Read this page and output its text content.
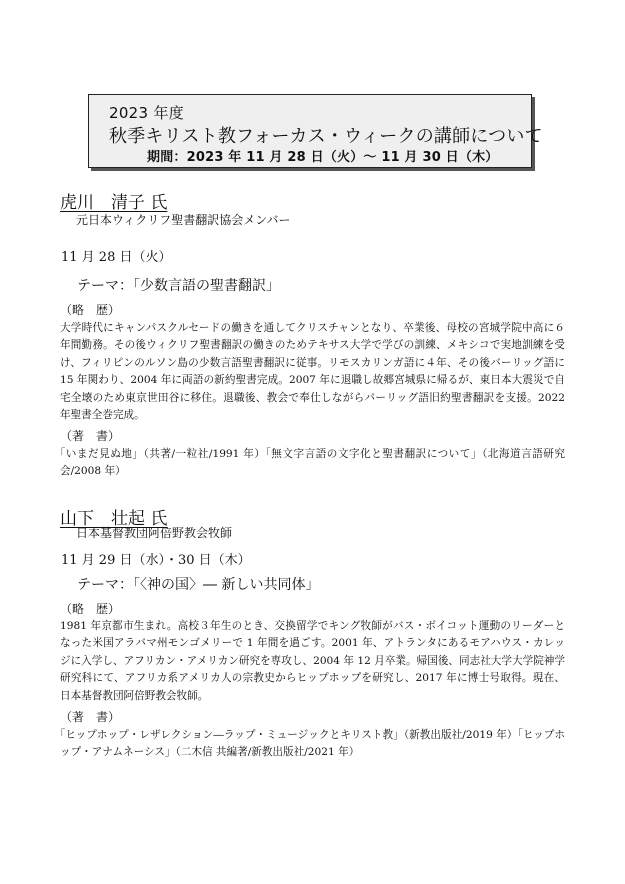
2023 年度
秋季キリスト教フォーカス・ウィークの講師について
期間：2023 年 11 月 28 日（火）～ 11 月 30 日（木）
虎川　清子 氏
元日本ウィクリフ聖書翻訳協会メンバー
11 月 28 日（火）
テーマ：｢少数言語の聖書翻訳｣
（略　歴）

大学時代にキャンパスクルセードの働きを通してクリスチャンとなり、卒業後、母校の宮城学院中高に６年間勤務。その後ウィクリフ聖書翻訳の働きのためテキサス大学で学びの訓練、メキシコで実地訓練を受け、フィリピンのルソン島の少数言語聖書翻訳に従事。リモスカリンガ語に４年、その後バーリッグ語に 15 年関わり、2004 年に両語の新約聖書完成。2007 年に退職し故郷宮城県に帰るが、東日本大震災で自宅全壊のため東京世田谷に移住。退職後、教会で奉仕しながらバーリッグ語旧約聖書翻訳を支援。2022 年聖書全巻完成。

（著　書）

｢いまだ見ぬ地｣（共著/一粒社/1991 年）｢無文字言語の文字化と聖書翻訳について｣（北海道言語研究会/2008 年）

山下　壮起 氏
日本基督教団阿倍野教会牧師
11 月 29 日（水）・30 日（木）
テーマ：｢〈神の国〉― 新しい共同体｣
（略　歴）

1981 年京都市生まれ。高校３年生のとき、交換留学でキング牧師がバス・ボイコット運動のリーダーとなった米国アラバマ州モンゴメリーで 1 年間を過ごす。2001 年、アトランタにあるモアハウス・カレッジに入学し、アフリカン・アメリカン研究を専攻し、2004 年 12 月卒業。帰国後、同志社大学大学院神学研究科にて、アフリカ系アメリカ人の宗教史からヒップホップを研究し、2017 年に博士号取得。現在、日本基督教団阿倍野教会牧師。

（著　書）

｢ヒップホップ・レザレクション―ラップ・ミュージックとキリスト教｣（新教出版社/2019 年）｢ヒップホップ・アナムネーシス｣（二木信 共編著/新教出版社/2021 年）
